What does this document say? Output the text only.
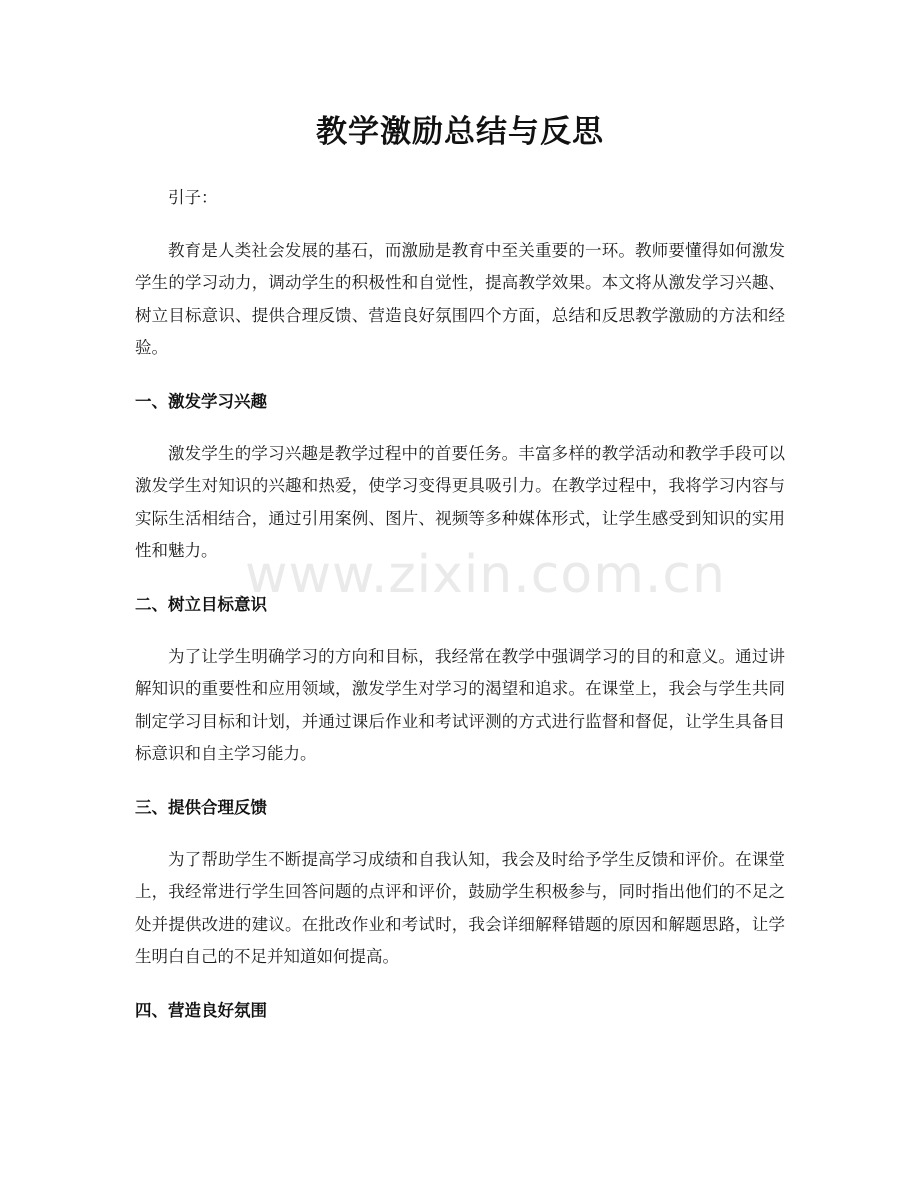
教学激励总结与反思

引子：

教育是人类社会发展的基石，而激励是教育中至关重要的一环。教师要懂得如何激发学生的学习动力，调动学生的积极性和自觉性，提高教学效果。本文将从激发学习兴趣、树立目标意识、提供合理反馈、营造良好氛围四个方面，总结和反思教学激励的方法和经验。

一、激发学习兴趣

激发学生的学习兴趣是教学过程中的首要任务。丰富多样的教学活动和教学手段可以激发学生对知识的兴趣和热爱，使学习变得更具吸引力。在教学过程中，我将学习内容与实际生活相结合，通过引用案例、图片、视频等多种媒体形式，让学生感受到知识的实用性和魅力。

二、树立目标意识

为了让学生明确学习的方向和目标，我经常在教学中强调学习的目的和意义。通过讲解知识的重要性和应用领域，激发学生对学习的渴望和追求。在课堂上，我会与学生共同制定学习目标和计划，并通过课后作业和考试评测的方式进行监督和督促，让学生具备目标意识和自主学习能力。

三、提供合理反馈

为了帮助学生不断提高学习成绩和自我认知，我会及时给予学生反馈和评价。在课堂上，我经常进行学生回答问题的点评和评价，鼓励学生积极参与，同时指出他们的不足之处并提供改进的建议。在批改作业和考试时，我会详细解释错题的原因和解题思路，让学生明白自己的不足并知道如何提高。

四、营造良好氛围
www.zixin.com.cn
